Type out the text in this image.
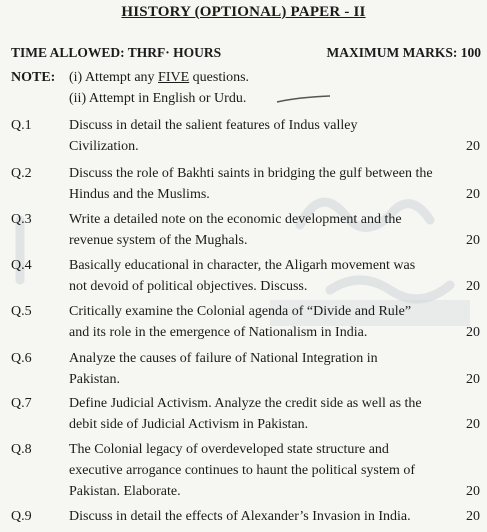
HISTORY (OPTIONAL) PAPER - II
TIME ALLOWED: THRF· HOURS	MAXIMUM MARKS: 100
NOTE: (i) Attempt any FIVE questions.
(ii) Attempt in English or Urdu.
Q.1	Discuss in detail the salient features of Indus valley
Civilization.	20
Q.2	Discuss the role of Bakhti saints in bridging the gulf between the
Hindus and the Muslims.	20
Q.3	Write a detailed note on the economic development and the
revenue system of the Mughals.	20
Q.4	Basically educational in character, the Aligarh movement was
not devoid of political objectives. Discuss.	20
Q.5	Critically examine the Colonial agenda of “Divide and Rule”
and its role in the emergence of Nationalism in India.	20
Q.6	Analyze the causes of failure of National Integration in
Pakistan.	20
Q.7	Define Judicial Activism. Analyze the credit side as well as the
debit side of Judicial Activism in Pakistan.	20
Q.8	The Colonial legacy of overdeveloped state structure and
executive arrogance continues to haunt the political system of
Pakistan. Elaborate.	20
Q.9	Discuss in detail the effects of Alexander’s Invasion in India.	20
